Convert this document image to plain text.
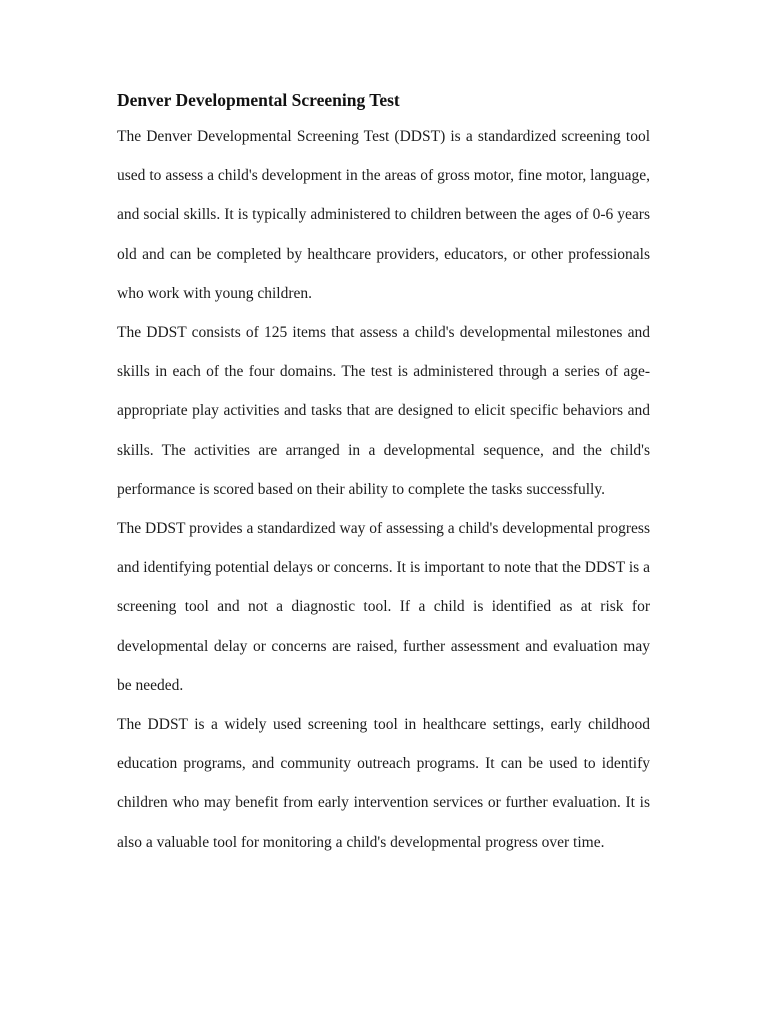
Denver Developmental Screening Test

The Denver Developmental Screening Test (DDST) is a standardized screening tool used to assess a child's development in the areas of gross motor, fine motor, language, and social skills. It is typically administered to children between the ages of 0-6 years old and can be completed by healthcare providers, educators, or other professionals who work with young children.

The DDST consists of 125 items that assess a child's developmental milestones and skills in each of the four domains. The test is administered through a series of age-appropriate play activities and tasks that are designed to elicit specific behaviors and skills. The activities are arranged in a developmental sequence, and the child's performance is scored based on their ability to complete the tasks successfully.

The DDST provides a standardized way of assessing a child's developmental progress and identifying potential delays or concerns. It is important to note that the DDST is a screening tool and not a diagnostic tool. If a child is identified as at risk for developmental delay or concerns are raised, further assessment and evaluation may be needed.

The DDST is a widely used screening tool in healthcare settings, early childhood education programs, and community outreach programs. It can be used to identify children who may benefit from early intervention services or further evaluation. It is also a valuable tool for monitoring a child's developmental progress over time.
